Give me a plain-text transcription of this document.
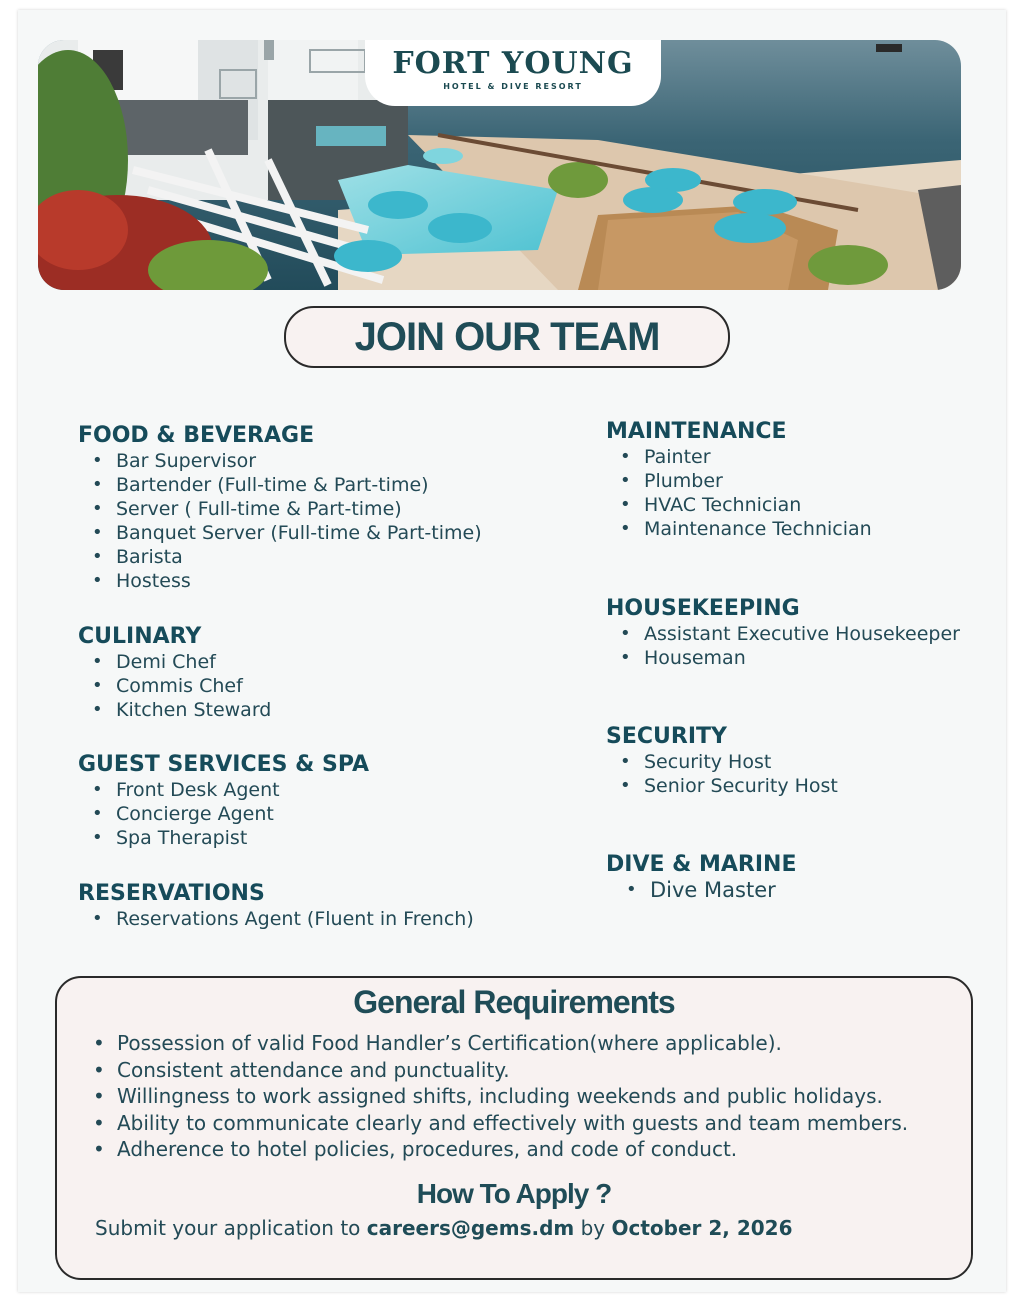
FORT YOUNG
HOTEL & DIVE RESORT
JOIN OUR TEAM
FOOD & BEVERAGE
• Bar Supervisor
• Bartender (Full-time & Part-time)
• Server ( Full-time & Part-time)
• Banquet Server (Full-time & Part-time)
• Barista
• Hostess
CULINARY
• Demi Chef
• Commis Chef
• Kitchen Steward
GUEST SERVICES & SPA
• Front Desk Agent
• Concierge Agent
• Spa Therapist
RESERVATIONS
• Reservations Agent (Fluent in French)
MAINTENANCE
• Painter
• Plumber
• HVAC Technician
• Maintenance Technician
HOUSEKEEPING
• Assistant Executive Housekeeper
• Houseman
SECURITY
• Security Host
• Senior Security Host
DIVE & MARINE
• Dive Master
General Requirements
• Possession of valid Food Handler’s Certification(where applicable).
• Consistent attendance and punctuality.
• Willingness to work assigned shifts, including weekends and public holidays.
• Ability to communicate clearly and effectively with guests and team members.
• Adherence to hotel policies, procedures, and code of conduct.
How To Apply ?
Submit your application to careers@gems.dm by October 2, 2026
